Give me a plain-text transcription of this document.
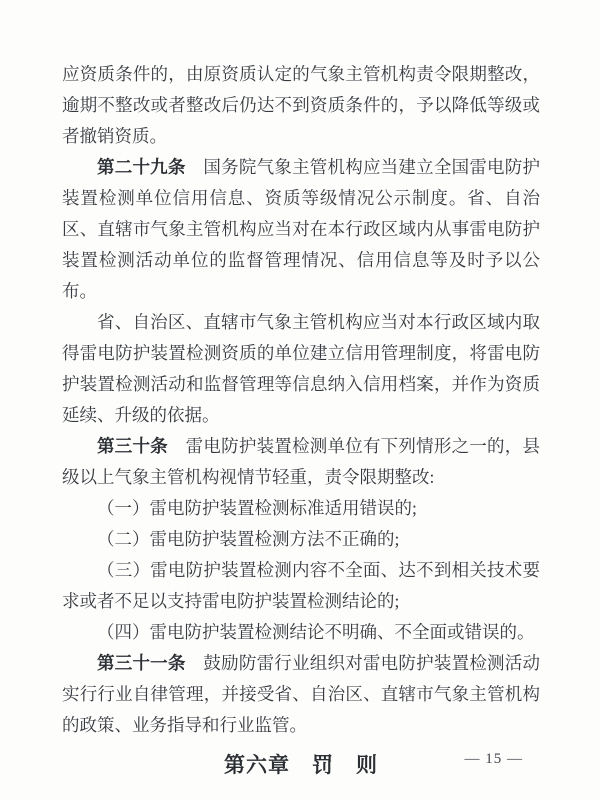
应资质条件的，由原资质认定的气象主管机构责令限期整改，逾期不整改或者整改后仍达不到资质条件的，予以降低等级或者撤销资质。

第二十九条　国务院气象主管机构应当建立全国雷电防护装置检测单位信用信息、资质等级情况公示制度。省、自治区、直辖市气象主管机构应当对在本行政区域内从事雷电防护装置检测活动单位的监督管理情况、信用信息等及时予以公布。

省、自治区、直辖市气象主管机构应当对本行政区域内取得雷电防护装置检测资质的单位建立信用管理制度，将雷电防护装置检测活动和监督管理等信息纳入信用档案，并作为资质延续、升级的依据。

第三十条　雷电防护装置检测单位有下列情形之一的，县级以上气象主管机构视情节轻重，责令限期整改:

（一）雷电防护装置检测标准适用错误的;

（二）雷电防护装置检测方法不正确的;

（三）雷电防护装置检测内容不全面、达不到相关技术要求或者不足以支持雷电防护装置检测结论的;

（四）雷电防护装置检测结论不明确、不全面或错误的。

第三十一条　鼓励防雷行业组织对雷电防护装置检测活动实行行业自律管理，并接受省、自治区、直辖市气象主管机构的政策、业务指导和行业监管。

第六章　罚　则	— 15 —
